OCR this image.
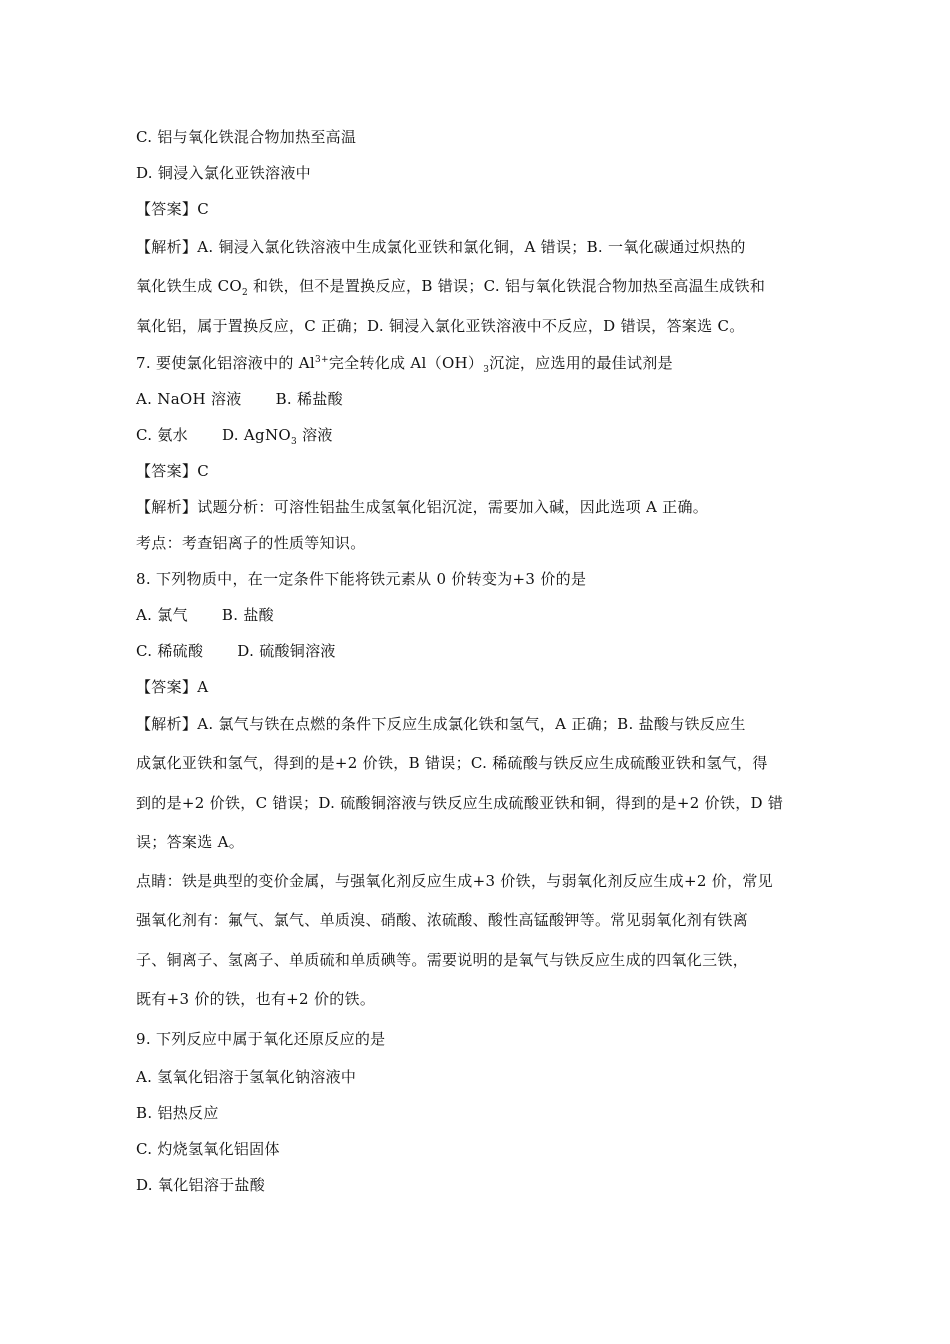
C. 铝与氧化铁混合物加热至高温
D. 铜浸入氯化亚铁溶液中
【答案】C
【解析】A. 铜浸入氯化铁溶液中生成氯化亚铁和氯化铜，A 错误；B. 一氧化碳通过炽热的
氧化铁生成 $CO_2$ 和铁，但不是置换反应，B 错误；C. 铝与氧化铁混合物加热至高温生成铁和
氧化铝，属于置换反应，C 正确；D. 铜浸入氯化亚铁溶液中不反应，D 错误，答案选 C。
7. 要使氯化铝溶液中的 $Al^{3+}$完全转化成 $Al(OH)_3$沉淀，应选用的最佳试剂是
A. NaOH 溶液 B. 稀盐酸
C. 氨水 D. AgNO$_3$ 溶液
【答案】C
【解析】试题分析：可溶性铝盐生成氢氧化铝沉淀，需要加入碱，因此选项 A 正确。
考点：考查铝离子的性质等知识。
8. 下列物质中，在一定条件下能将铁元素从 0 价转变为+3 价的是
A. 氯气 B. 盐酸
C. 稀硫酸 D. 硫酸铜溶液
【答案】A
【解析】A. 氯气与铁在点燃的条件下反应生成氯化铁和氢气，A 正确；B. 盐酸与铁反应生
成氯化亚铁和氢气，得到的是+2 价铁，B 错误；C. 稀硫酸与铁反应生成硫酸亚铁和氢气，得
到的是+2 价铁，C 错误；D. 硫酸铜溶液与铁反应生成硫酸亚铁和铜，得到的是+2 价铁，D 错
误；答案选 A。
点睛：铁是典型的变价金属，与强氧化剂反应生成+3 价铁，与弱氧化剂反应生成+2 价，常见
强氧化剂有：氟气、氯气、单质溴、硝酸、浓硫酸、酸性高锰酸钾等。常见弱氧化剂有铁离
子、铜离子、氢离子、单质硫和单质碘等。需要说明的是氧气与铁反应生成的四氧化三铁，
既有+3 价的铁，也有+2 价的铁。
9. 下列反应中属于氧化还原反应的是
A. 氢氧化铝溶于氢氧化钠溶液中
B. 铝热反应
C. 灼烧氢氧化铝固体
D. 氧化铝溶于盐酸
